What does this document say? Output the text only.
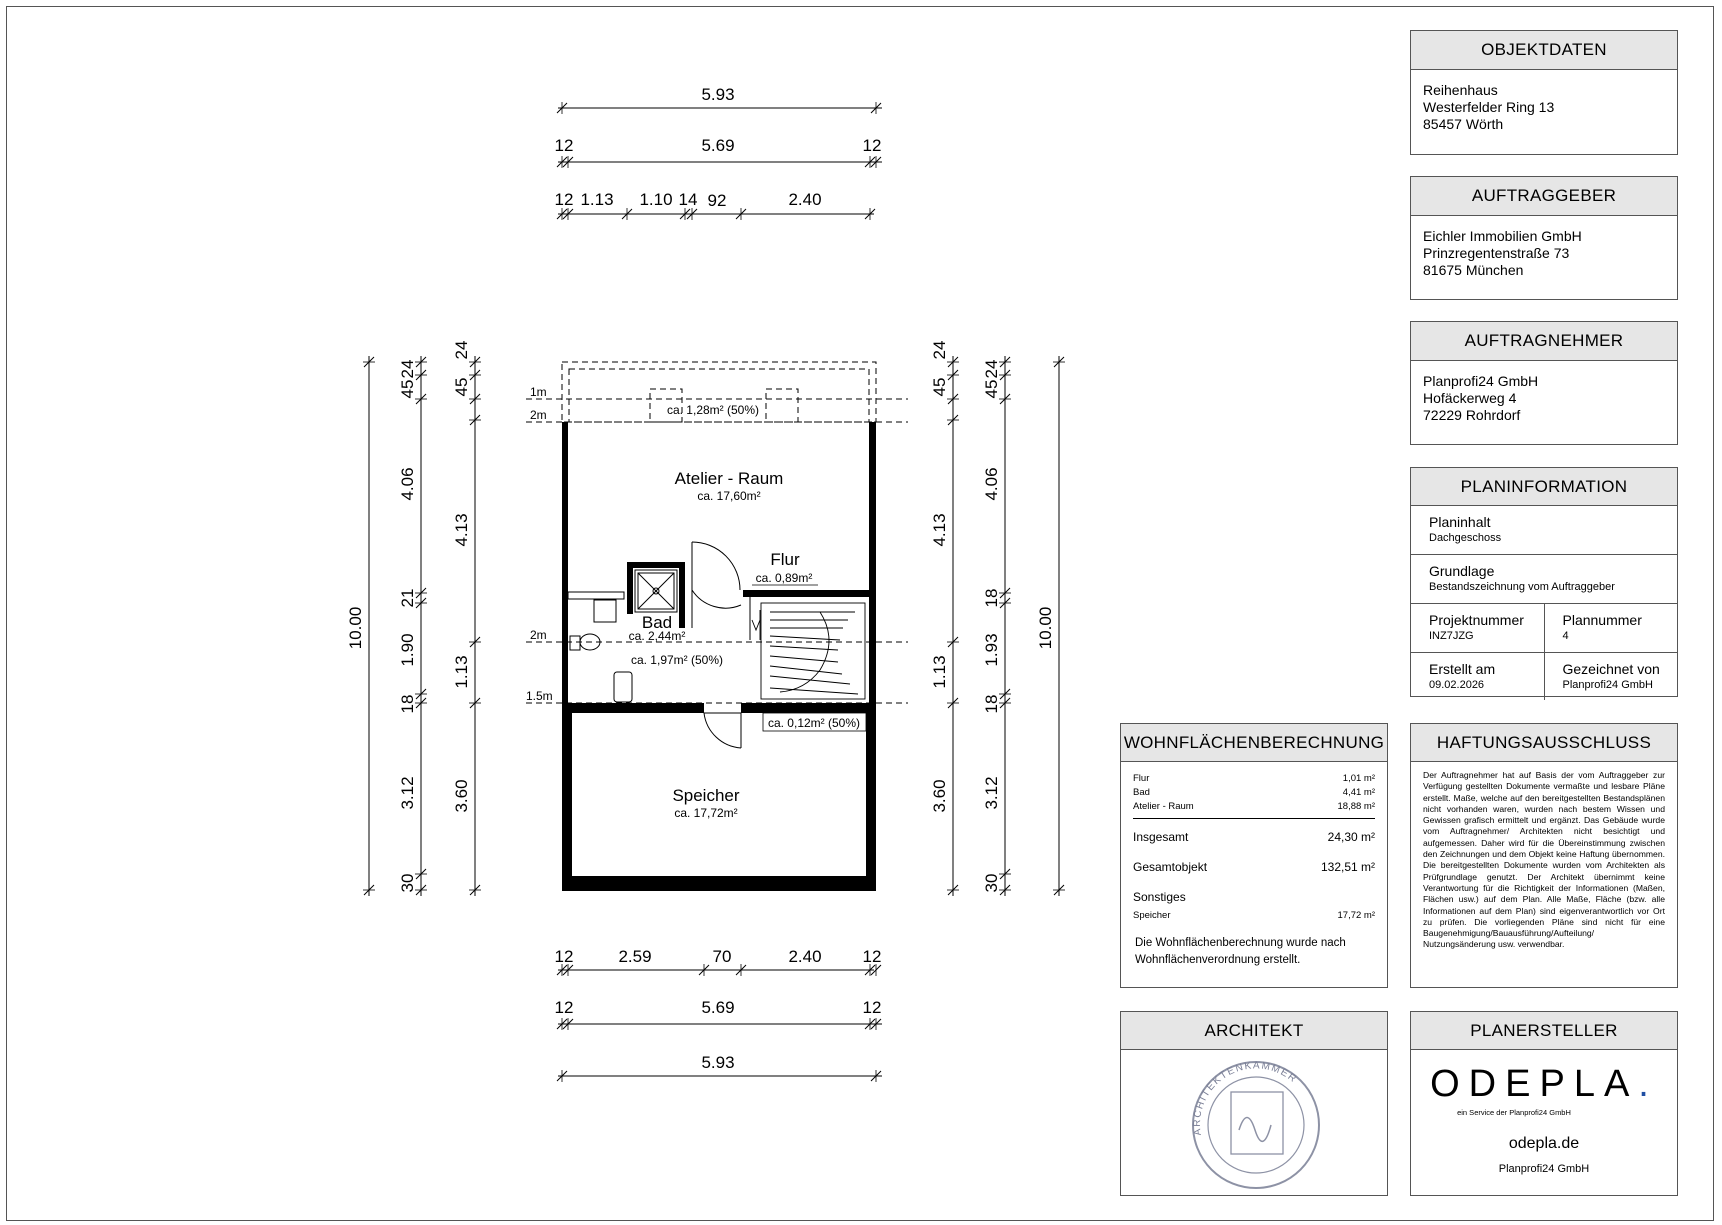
5.93
12	5.69	12
12 1.13 1.10 14 92	2.40
12	2.59	70	2.40 12
12	5.69	12
5.93
10.00
24
45
4.06
21
1.90
18
3.12
30
24
45
4.13
1.13
3.60
24
45
4.13
1.13
3.60
24
45
4.06
18
1.93
18
3.12
30
10.00
1m
2m
2m
1.5m
Atelier - Raum
ca. 17,60m²
ca. 1,28m² (50%)
Flur
ca. 0,89m²
Bad
ca. 2,44m²
ca. 1,97m² (50%)
ca. 0,12m² (50%)
Speicher
ca. 17,72m²
OBJEKTDATEN
Reihenhaus
Westerfelder Ring 13
85457 Wörth
AUFTRAGGEBER
Eichler Immobilien GmbH
Prinzregentenstraße 73
81675 München
AUFTRAGNEHMER
Planprofi24 GmbH
Hofäckerweg 4
72229 Rohrdorf
PLANINFORMATION
Planinhalt
Dachgeschoss
Grundlage
Bestandszeichnung vom Auftraggeber
Projektnummer
INZ7JZG
Plannummer
4
Erstellt am
09.02.2026
Gezeichnet von
Planprofi24 GmbH
WOHNFLÄCHENBERECHNUNG
Flur	1,01 m²
Bad	4,41 m²
Atelier - Raum	18,88 m²
Insgesamt	24,30 m²
Gesamtobjekt	132,51 m²
Sonstiges
Speicher	17,72 m²
Die Wohnflächenberechnung wurde nach Wohnflächenverordnung erstellt.
HAFTUNGSAUSSCHLUSS
Der Auftragnehmer hat auf Basis der vom Auftraggeber zur Verfügung gestellten Dokumente vermaßte und lesbare Pläne erstellt. Maße, welche auf den bereitgestellten Bestandsplänen nicht vorhanden waren, wurden nach bestem Wissen und Gewissen grafisch ermittelt und ergänzt. Das Gebäude wurde vom Auftragnehmer/ Architekten nicht besichtigt und aufgemessen. Daher wird für die Übereinstimmung zwischen den Zeichnungen und dem Objekt keine Haftung übernommen. Die bereitgestellten Dokumente wurden vom Architekten als Prüfgrundlage genutzt. Der Architekt übernimmt keine Verantwortung für die Richtigkeit der Informationen (Maßen, Flächen usw.) auf dem Plan. Alle Maße, Fläche (bzw. alle Informationen auf dem Plan) sind eigenverantwortlich vor Ort zu prüfen. Die vorliegenden Pläne sind nicht für eine Baugenehmigung/Bauausführung/Aufteilung/ Nutzungsänderung usw. verwendbar.
ARCHITEKT
ARCHITEKTENKAMMER
PLANERSTELLER
ODEPLA.
ein Service der Planprofi24 GmbH
odepla.de
Planprofi24 GmbH
